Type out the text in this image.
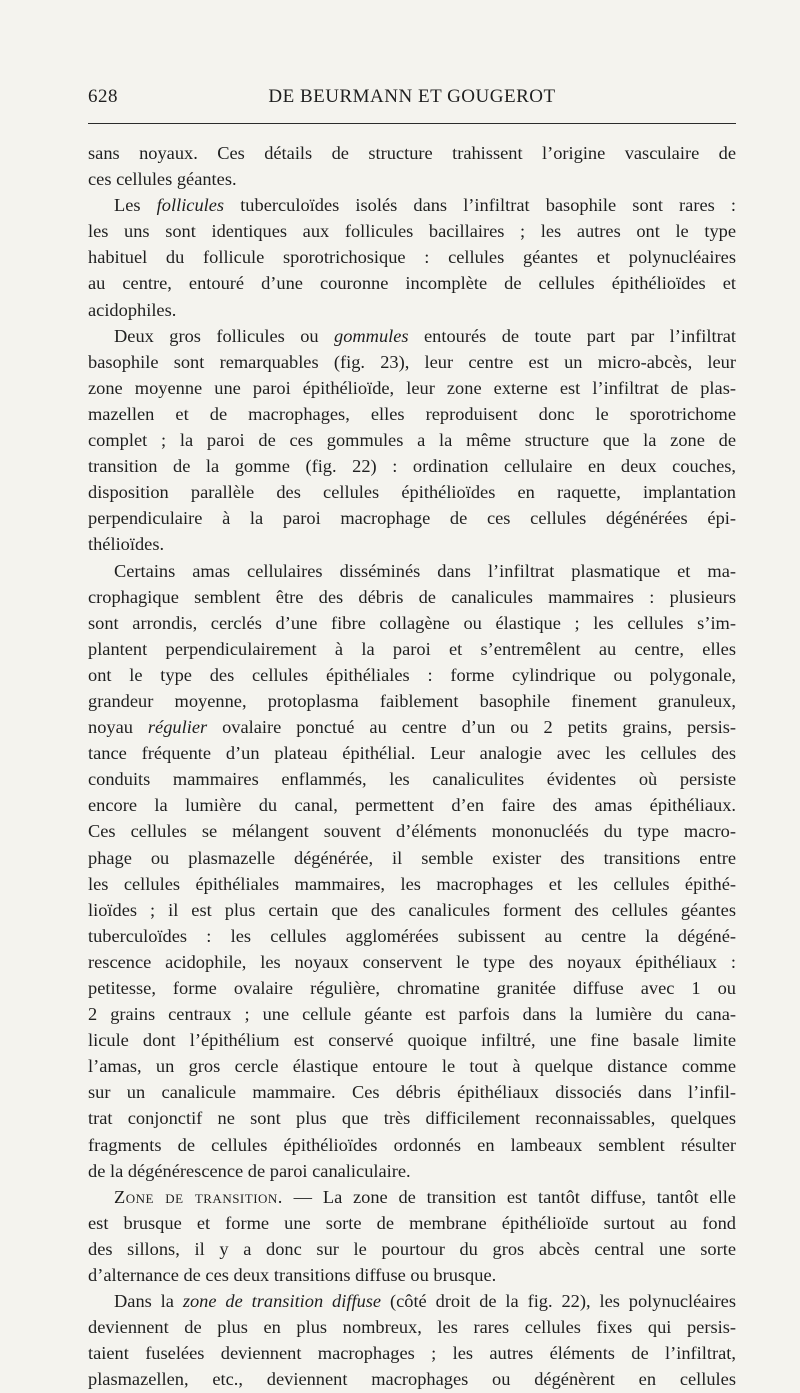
628	DE BEURMANN ET GOUGEROT
sans noyaux. Ces détails de structure trahissent l’origine vasculaire de
ces cellules géantes.
Les follicules tuberculoïdes isolés dans l’infiltrat basophile sont rares :
les uns sont identiques aux follicules bacillaires ; les autres ont le type
habituel du follicule sporotrichosique : cellules géantes et polynucléaires
au centre, entouré d’une couronne incomplète de cellules épithélioïdes et
acidophiles.
Deux gros follicules ou gommules entourés de toute part par l’infiltrat
basophile sont remarquables (fig. 23), leur centre est un micro-abcès, leur
zone moyenne une paroi épithélioïde, leur zone externe est l’infiltrat de plas-
mazellen et de macrophages, elles reproduisent donc le sporotrichome
complet ; la paroi de ces gommules a la même structure que la zone de
transition de la gomme (fig. 22) : ordination cellulaire en deux couches,
disposition parallèle des cellules épithélioïdes en raquette, implantation
perpendiculaire à la paroi macrophage de ces cellules dégénérées épi-
thélioïdes.
Certains amas cellulaires disséminés dans l’infiltrat plasmatique et ma-
crophagique semblent être des débris de canalicules mammaires : plusieurs
sont arrondis, cerclés d’une fibre collagène ou élastique ; les cellules s’im-
plantent perpendiculairement à la paroi et s’entremêlent au centre, elles
ont le type des cellules épithéliales : forme cylindrique ou polygonale,
grandeur moyenne, protoplasma faiblement basophile finement granuleux,
noyau régulier ovalaire ponctué au centre d’un ou 2 petits grains, persis-
tance fréquente d’un plateau épithélial. Leur analogie avec les cellules des
conduits mammaires enflammés, les canaliculites évidentes où persiste
encore la lumière du canal, permettent d’en faire des amas épithéliaux.
Ces cellules se mélangent souvent d’éléments mononucléés du type macro-
phage ou plasmazelle dégénérée, il semble exister des transitions entre
les cellules épithéliales mammaires, les macrophages et les cellules épithé-
lioïdes ; il est plus certain que des canalicules forment des cellules géantes
tuberculoïdes : les cellules agglomérées subissent au centre la dégéné-
rescence acidophile, les noyaux conservent le type des noyaux épithéliaux :
petitesse, forme ovalaire régulière, chromatine granitée diffuse avec 1 ou
2 grains centraux ; une cellule géante est parfois dans la lumière du cana-
licule dont l’épithélium est conservé quoique infiltré, une fine basale limite
l’amas, un gros cercle élastique entoure le tout à quelque distance comme
sur un canalicule mammaire. Ces débris épithéliaux dissociés dans l’infil-
trat conjonctif ne sont plus que très difficilement reconnaissables, quelques
fragments de cellules épithélioïdes ordonnés en lambeaux semblent résulter
de la dégénérescence de paroi canaliculaire.
Zone de transition. — La zone de transition est tantôt diffuse, tantôt elle
est brusque et forme une sorte de membrane épithélioïde surtout au fond
des sillons, il y a donc sur le pourtour du gros abcès central une sorte
d’alternance de ces deux transitions diffuse ou brusque.
Dans la zone de transition diffuse (côté droit de la fig. 22), les polynucléaires
deviennent de plus en plus nombreux, les rares cellules fixes qui persis-
taient fuselées deviennent macrophages ; les autres éléments de l’infiltrat,
plasmazellen, etc., deviennent macrophages ou dégénèrent en cellules
